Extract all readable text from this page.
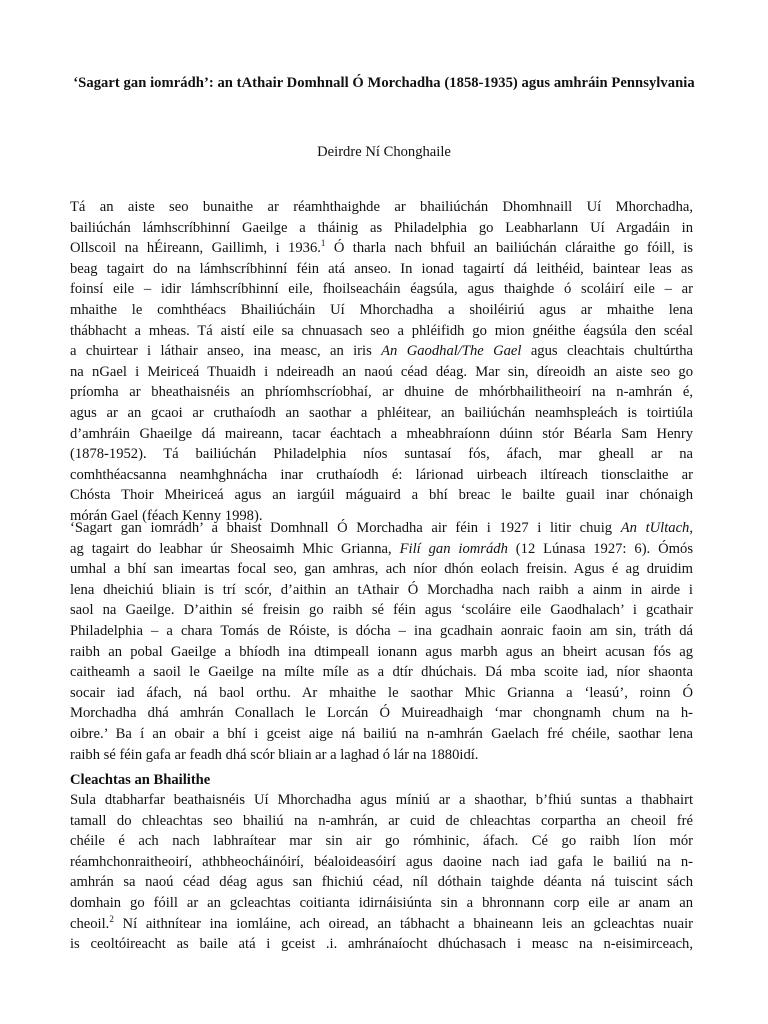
‘Sagart gan iomrádh’: an tAthair Domhnall Ó Morchadha (1858-1935) agus amhráin Pennsylvania
Deirdre Ní Chonghaile
Tá an aiste seo bunaithe ar réamhthaighde ar bhailiúchán Dhomhnaill Uí Mhorchadha,
bailiúchán lámhscríbhinní Gaeilge a tháinig as Philadelphia go Leabharlann Uí Argadáin in
Ollscoil na hÉireann, Gaillimh, i 1936.$^1$ Ó tharla nach bhfuil an bailiúchán cláraithe go fóill, is
beag tagairt do na lámhscríbhinní féin atá anseo. In ionad tagairtí dá leithéid, baintear leas as
foinsí eile – idir lámhscríbhinní eile, fhoilseacháin éagsúla, agus thaighde ó scoláirí eile – ar
mhaithe le comhthéacs Bhailiúcháin Uí Mhorchadha a shoiléiriú agus ar mhaithe lena
thábhacht a mheas. Tá aistí eile sa chnuasach seo a phléifidh go mion gnéithe éagsúla den scéal
a chuirtear i láthair anseo, ina measc, an iris An Gaodhal/The Gael agus cleachtais chultúrtha
na nGael i Meiriceá Thuaidh i ndeireadh an naoú céad déag. Mar sin, díreoidh an aiste seo go
príomha ar bheathaisnéis an phríomhscríobhaí, ar dhuine de mhórbhailitheoirí na n-amhrán é,
agus ar an gcaoi ar cruthaíodh an saothar a phléitear, an bailiúchán neamhspleách is toirtiúla
d’amhráin Ghaeilge dá maireann, tacar éachtach a mheabhraíonn dúinn stór Béarla Sam Henry
(1878-1952). Tá bailiúchán Philadelphia níos suntasaí fós, áfach, mar gheall ar na
comhthéacsanna neamhghnácha inar cruthaíodh é: lárionad uirbeach iltíreach tionsclaithe ar
Chósta Thoir Mheiriceá agus an iargúil máguaird a bhí breac le bailte guail inar chónaigh
mórán Gael (féach Kenny 1998).
‘Sagart gan iomrádh’ a bhaist Domhnall Ó Morchadha air féin i 1927 i litir chuig An tUltach,
ag tagairt do leabhar úr Sheosaimh Mhic Grianna, Filí gan iomrádh (12 Lúnasa 1927: 6). Ómós
umhal a bhí san imeartas focal seo, gan amhras, ach níor dhón eolach freisin. Agus é ag druidim
lena dheichiú bliain is trí scór, d’aithin an tAthair Ó Morchadha nach raibh a ainm in airde i
saol na Gaeilge. D’aithin sé freisin go raibh sé féin agus ‘scoláire eile Gaodhalach’ i gcathair
Philadelphia – a chara Tomás de Róiste, is dócha – ina gcadhain aonraic faoin am sin, tráth dá
raibh an pobal Gaeilge a bhíodh ina dtimpeall ionann agus marbh agus an bheirt acusan fós ag
caitheamh a saoil le Gaeilge na mílte míle as a dtír dhúchais. Dá mba scoite iad, níor shaonta
socair iad áfach, ná baol orthu. Ar mhaithe le saothar Mhic Grianna a ‘leasú’, roinn Ó
Morchadha dhá amhrán Conallach le Lorcán Ó Muireadhaigh ‘mar chongnamh chum na h-
oibre.’ Ba í an obair a bhí i gceist aige ná bailiú na n-amhrán Gaelach fré chéile, saothar lena
raibh sé féin gafa ar feadh dhá scór bliain ar a laghad ó lár na 1880idí.
Cleachtas an Bhailithe
Sula dtabharfar beathaisnéis Uí Mhorchadha agus míniú ar a shaothar, b’fhiú suntas a thabhairt
tamall do chleachtas seo bhailiú na n-amhrán, ar cuid de chleachtas corpartha an cheoil fré
chéile é ach nach labhraítear mar sin air go rómhinic, áfach. Cé go raibh líon mór
réamhchonraitheoirí, athbheocháinóirí, béaloideasóirí agus daoine nach iad gafa le bailiú na n-
amhrán sa naoú céad déag agus san fhichiú céad, níl dóthain taighde déanta ná tuiscint sách
domhain go fóill ar an gcleachtas coitianta idirnáisiúnta sin a bhronnann corp eile ar anam an
cheoil.$^2$ Ní aithnítear ina iomláine, ach oiread, an tábhacht a bhaineann leis an gcleachtas nuair
is ceoltóireacht as baile atá i gceist .i. amhránaíocht dhúchasach i measc na n-eisimirceach,
